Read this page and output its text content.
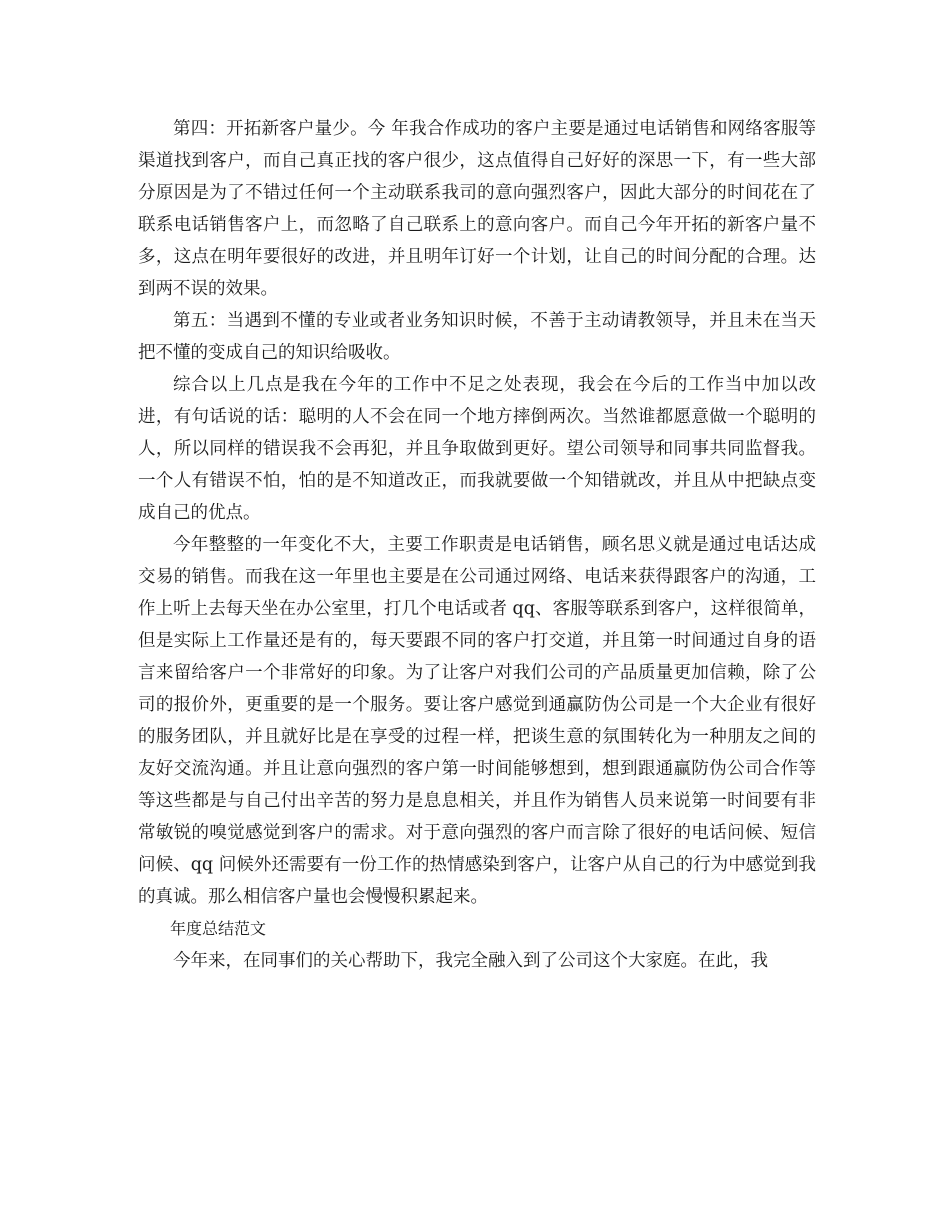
第四：开拓新客户量少。今 年我合作成功的客户主要是通过电话销售和网络客服等渠道找到客户，而自己真正找的客户很少，这点值得自己好好的深思一下，有一些大部分原因是为了不错过任何一个主动联系我司的意向强烈客户，因此大部分的时间花在了联系电话销售客户上，而忽略了自己联系上的意向客户。而自己今年开拓的新客户量不多，这点在明年要很好的改进，并且明年订好一个计划，让自己的时间分配的合理。达到两不误的效果。

第五：当遇到不懂的专业或者业务知识时候，不善于主动请教领导，并且未在当天把不懂的变成自己的知识给吸收。

综合以上几点是我在今年的工作中不足之处表现，我会在今后的工作当中加以改进，有句话说的话：聪明的人不会在同一个地方摔倒两次。当然谁都愿意做一个聪明的人，所以同样的错误我不会再犯，并且争取做到更好。望公司领导和同事共同监督我。一个人有错误不怕，怕的是不知道改正，而我就要做一个知错就改，并且从中把缺点变成自己的优点。

今年整整的一年变化不大，主要工作职责是电话销售，顾名思义就是通过电话达成交易的销售。而我在这一年里也主要是在公司通过网络、电话来获得跟客户的沟通，工作上听上去每天坐在办公室里，打几个电话或者 qq、客服等联系到客户，这样很简单，但是实际上工作量还是有的，每天要跟不同的客户打交道，并且第一时间通过自身的语言来留给客户一个非常好的印象。为了让客户对我们公司的产品质量更加信赖，除了公司的报价外，更重要的是一个服务。要让客户感觉到通赢防伪公司是一个大企业有很好的服务团队，并且就好比是在享受的过程一样，把谈生意的氛围转化为一种朋友之间的友好交流沟通。并且让意向强烈的客户第一时间能够想到，想到跟通赢防伪公司合作等等这些都是与自己付出辛苦的努力是息息相关，并且作为销售人员来说第一时间要有非常敏锐的嗅觉感觉到客户的需求。对于意向强烈的客户而言除了很好的电话问候、短信问候、qq 问候外还需要有一份工作的热情感染到客户，让客户从自己的行为中感觉到我的真诚。那么相信客户量也会慢慢积累起来。

年度总结范文

今年来，在同事们的关心帮助下，我完全融入到了公司这个大家庭。在此，我
